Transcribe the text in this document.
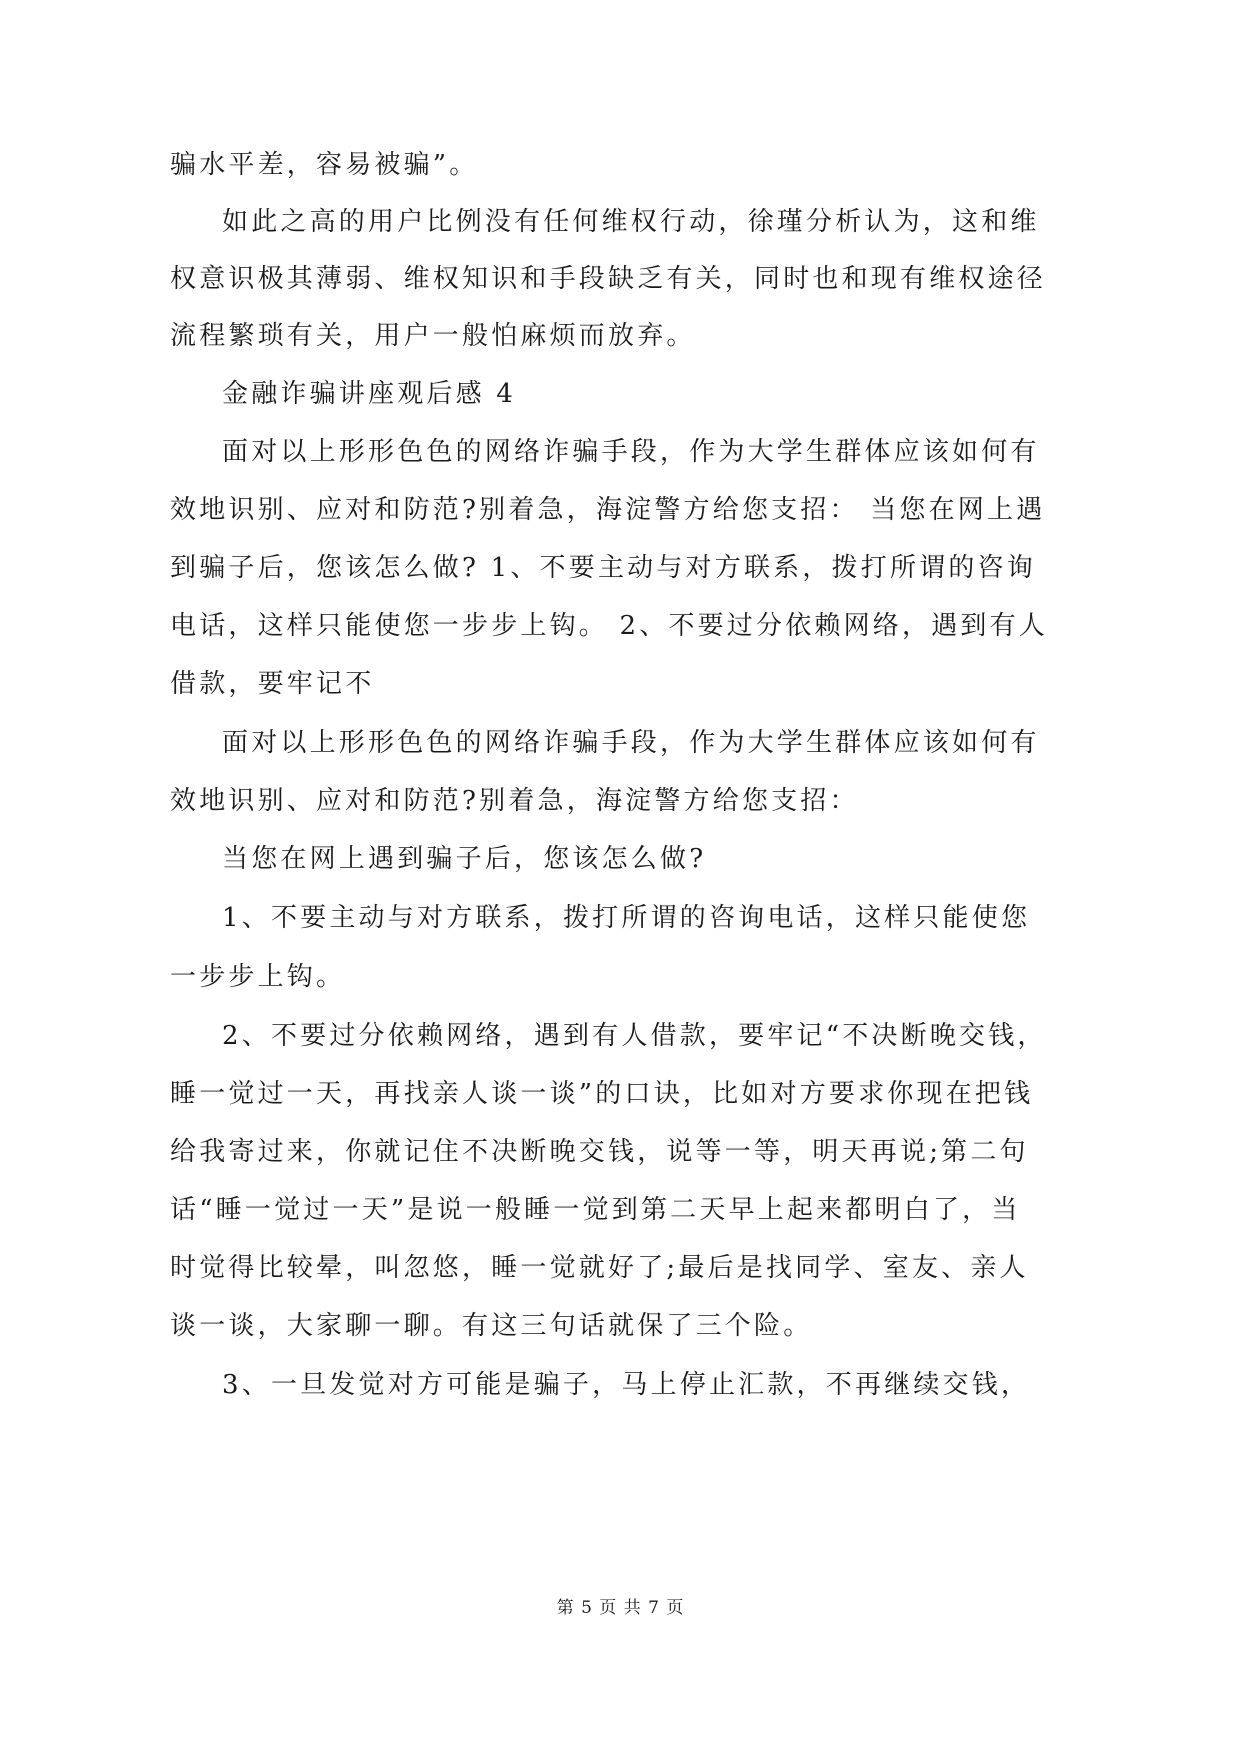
骗水平差，容易被骗”。
如此之高的用户比例没有任何维权行动，徐瑾分析认为，这和维
权意识极其薄弱、维权知识和手段缺乏有关，同时也和现有维权途径
流程繁琐有关，用户一般怕麻烦而放弃。
金融诈骗讲座观后感 4
面对以上形形色色的网络诈骗手段，作为大学生群体应该如何有
效地识别、应对和防范?别着急，海淀警方给您支招： 当您在网上遇
到骗子后，您该怎么做? 1、不要主动与对方联系，拨打所谓的咨询
电话，这样只能使您一步步上钩。 2、不要过分依赖网络，遇到有人
借款，要牢记不
面对以上形形色色的网络诈骗手段，作为大学生群体应该如何有
效地识别、应对和防范?别着急，海淀警方给您支招：
当您在网上遇到骗子后，您该怎么做?
1、不要主动与对方联系，拨打所谓的咨询电话，这样只能使您
一步步上钩。
2、不要过分依赖网络，遇到有人借款，要牢记“不决断晚交钱，
睡一觉过一天，再找亲人谈一谈”的口诀，比如对方要求你现在把钱
给我寄过来，你就记住不决断晚交钱，说等一等，明天再说;第二句
话“睡一觉过一天”是说一般睡一觉到第二天早上起来都明白了，当
时觉得比较晕，叫忽悠，睡一觉就好了;最后是找同学、室友、亲人
谈一谈，大家聊一聊。有这三句话就保了三个险。
3、一旦发觉对方可能是骗子，马上停止汇款，不再继续交钱，
第 5 页 共 7 页
